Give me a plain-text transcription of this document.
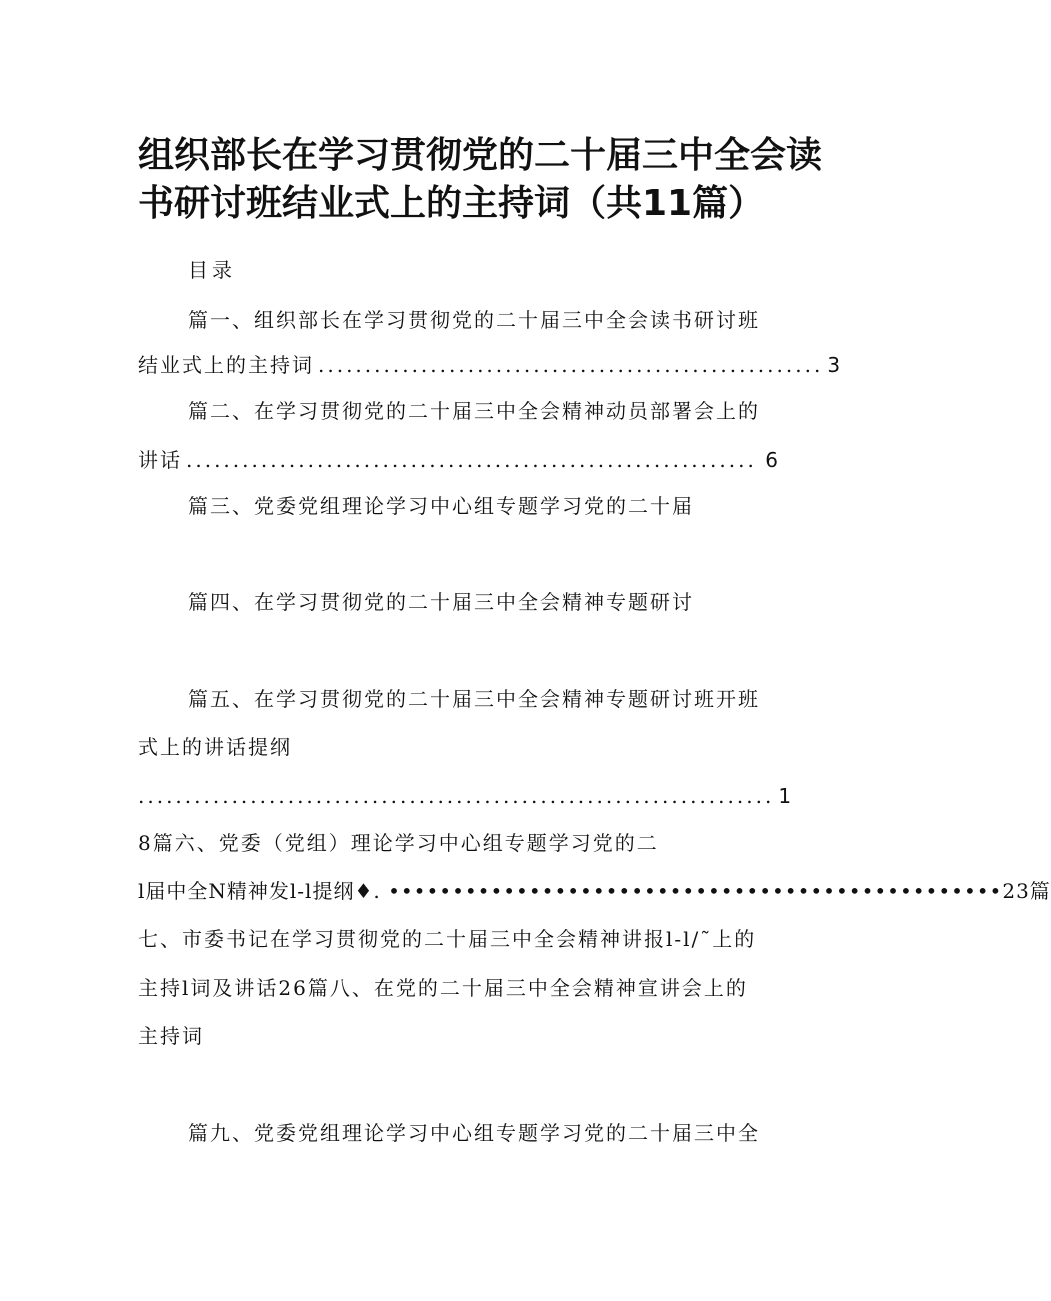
组织部长在学习贯彻党的二十届三中全会读
书研讨班结业式上的主持词（共11篇）
目录
篇一、组织部长在学习贯彻党的二十届三中全会读书研讨班
结业式上的主持词 ...................................................... 3
篇二、在学习贯彻党的二十届三中全会精神动员部署会上的
讲话 ............................................................. 6
篇三、党委党组理论学习中心组专题学习党的二十届
篇四、在学习贯彻党的二十届三中全会精神专题研讨
篇五、在学习贯彻党的二十届三中全会精神专题研讨班开班
式上的讲话提纲
.................................................................... 1
8篇六、党委（党组）理论学习中心组专题学习党的二
l届中全N精神发l-l提纲♦. ••••••••••••••••••••••••••••••••••••••••••••••••23篇
七、市委书记在学习贯彻党的二十届三中全会精神讲报l-l/˜上的
主持l词及讲话26篇八、在党的二十届三中全会精神宣讲会上的
主持词
篇九、党委党组理论学习中心组专题学习党的二十届三中全
